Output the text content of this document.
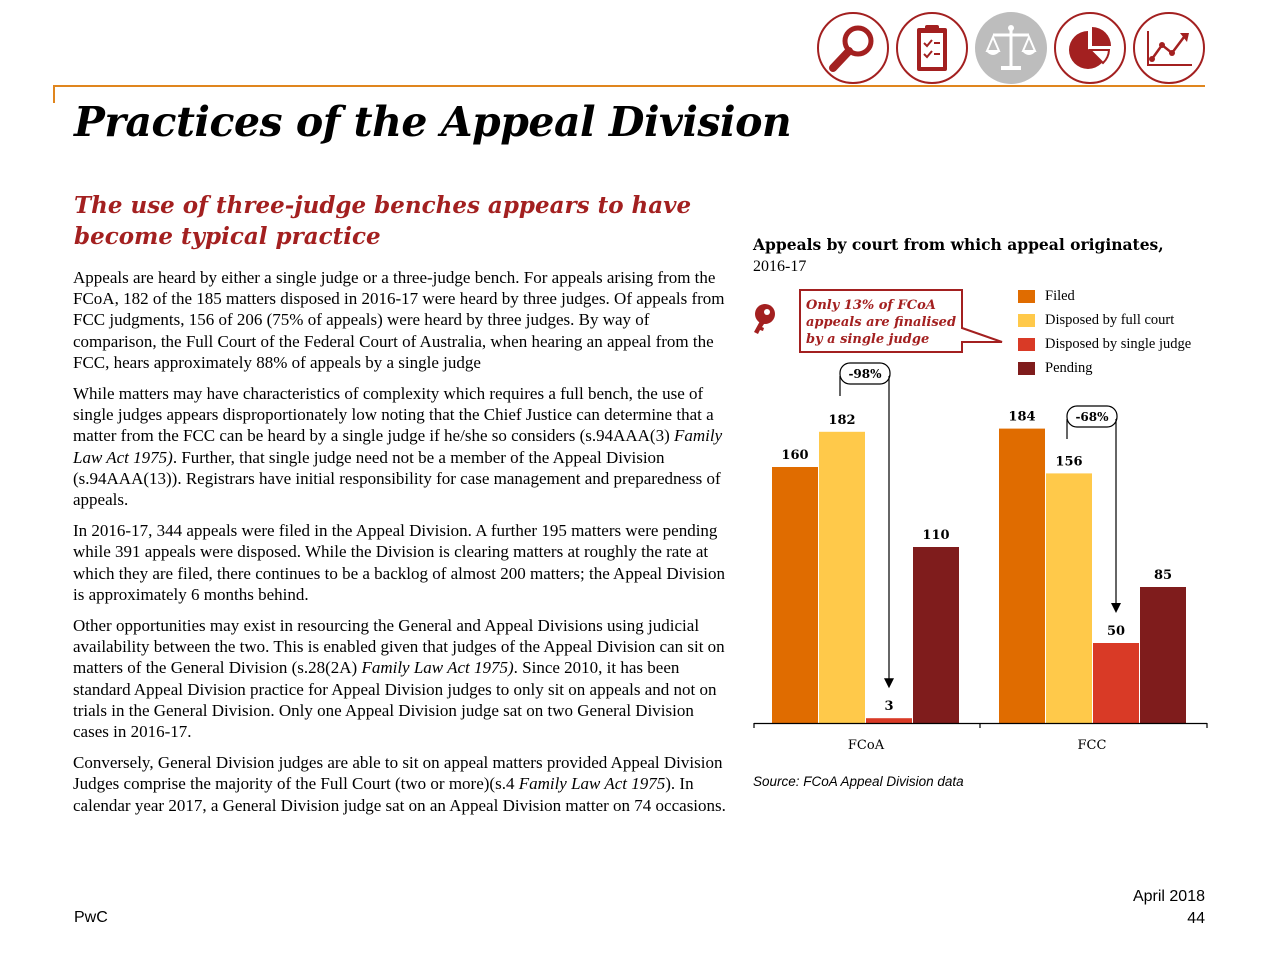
Practices of the Appeal Division
The use of three-judge benches appears to have become typical practice

Appeals are heard by either a single judge or a three-judge bench. For appeals arising from the FCoA, 182 of the 185 matters disposed in 2016-17 were heard by three judges. Of appeals from FCC judgments, 156 of 206 (75% of appeals) were heard by three judges. By way of comparison, the Full Court of the Federal Court of Australia, when hearing an appeal from the FCC, hears approximately 88% of appeals by a single judge

While matters may have characteristics of complexity which requires a full bench, the use of single judges appears disproportionately low noting that the Chief Justice can determine that a matter from the FCC can be heard by a single judge if he/she so considers (s.94AAA(3) Family Law Act 1975). Further, that single judge need not be a member of the Appeal Division (s.94AAA(13)). Registrars have initial responsibility for case management and preparedness of appeals.

In 2016-17, 344 appeals were filed in the Appeal Division. A further 195 matters were pending while 391 appeals were disposed. While the Division is clearing matters at roughly the rate at which they are filed, there continues to be a backlog of almost 200 matters; the Appeal Division is approximately 6 months behind.

Other opportunities may exist in resourcing the General and Appeal Divisions using judicial availability between the two. This is enabled given that judges of the Appeal Division can sit on matters of the General Division (s.28(2A) Family Law Act 1975). Since 2010, it has been standard Appeal Division practice for Appeal Division judges to only sit on appeals and not on trials in the General Division. Only one Appeal Division judge sat on two General Division cases in 2016-17.

Conversely, General Division judges are able to sit on appeal matters provided Appeal Division Judges comprise the majority of the Full Court (two or more)(s.4 Family Law Act 1975). In calendar year 2017, a General Division judge sat on an Appeal Division matter on 74 occasions.

Appeals by court from which appeal originates,
2016-17
Filed
Disposed by full court
Disposed by single judge
Pending
Only 13% of FCoA
appeals are finalised
by a single judge
160
182
3
110
184
156
50
85
-98%
-68%
FCoA	FCC
Source: FCoA Appeal Division data
PwC
April 2018
44
